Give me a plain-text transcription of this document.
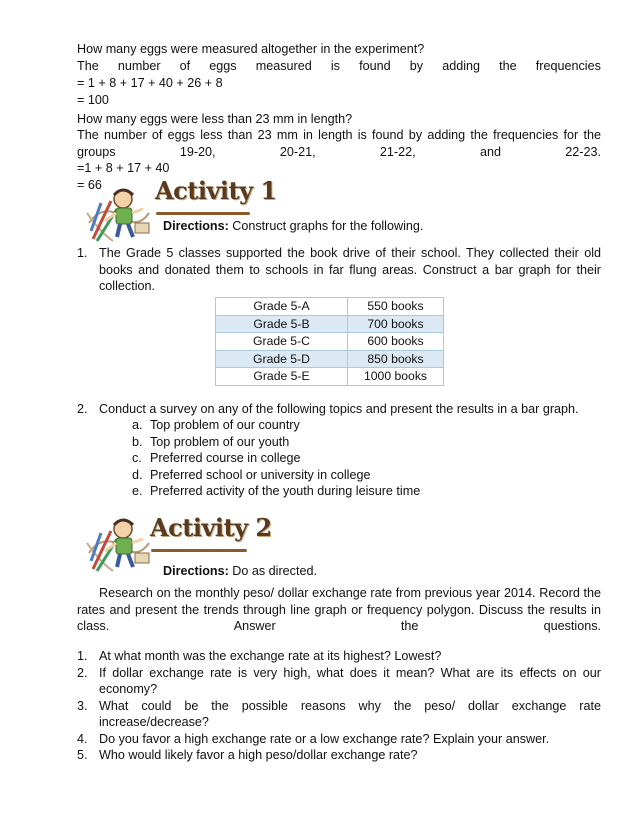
How many eggs were measured altogether in the experiment?
The number of eggs measured is found by adding the frequencies
= 1 + 8 + 17 + 40 + 26 + 8
= 100
How many eggs were less than 23 mm in length?
The number of eggs less than 23 mm in length is found by adding the frequencies for the groups 19-20, 20-21, 21-22, and 22-23.
=1 + 8 + 17 + 40
= 66 Activity 1
Directions: Construct graphs for the following.
1. The Grade 5 classes supported the book drive of their school. They collected their old books and donated them to schools in far flung areas. Construct a bar graph for their collection.
Grade 5-A	550 books
Grade 5-B	700 books
Grade 5-C	600 books
Grade 5-D	850 books
Grade 5-E	1000 books
2. Conduct a survey on any of the following topics and present the results in a bar graph.
a. Top problem of our country
b. Top problem of our youth
c. Preferred course in college
d. Preferred school or university in college
e. Preferred activity of the youth during leisure time
Activity 2
Directions: Do as directed.
Research on the monthly peso/ dollar exchange rate from previous year 2014. Record the rates and present the trends through line graph or frequency polygon. Discuss the results in class. Answer the questions.
1. At what month was the exchange rate at its highest? Lowest?
2. If dollar exchange rate is very high, what does it mean? What are its effects on our economy?
3. What could be the possible reasons why the peso/ dollar exchange rate increase/decrease?
4. Do you favor a high exchange rate or a low exchange rate? Explain your answer.
5. Who would likely favor a high peso/dollar exchange rate?
